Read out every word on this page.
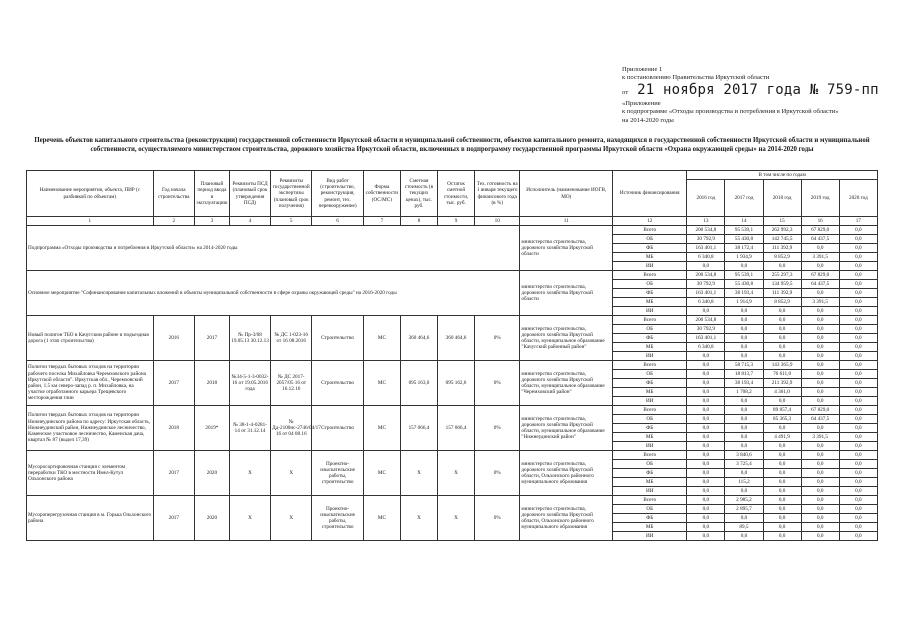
Приложение 1
к постановлению Правительства Иркутской области
от 21 ноября 2017 года № 759-пп
«Приложение
к подпрограмме «Отходы производства и потребления в Иркутской области»
на 2014-2020 годы
Перечень объектов капитального строительства (реконструкции) государственной собственности Иркутской области и муниципальной собственности, объектов капитального ремонта, находящихся в государственной собственности Иркутской области и муниципальной собственности, осуществляемого министерством строительства, дорожного хозяйства Иркутской области, включенных в подпрограмму государственной программы Иркутской области «Охрана окружающей среды» на 2014-2020 годы
Наименование мероприятия, объекта, ПИР (с разбивкой по объектам)	Год начала строительства	Плановый период ввода в эксплуатацию	Реквизиты ПСД (плановый срок утверждения ПСД)	Реквизиты государственной экспертизы (плановый срок получения)	Вид работ (строительство, реконструкция, ремонт, тех. перевооружение)	Форма собственности (ОС/МС)	Сметная стоимость (в текущих ценах), тыс. руб.	Остаток сметной стоимости, тыс. руб.	Тех. готовность на 1 января текущего финансового года (в %)	Исполнитель (наименование ИОГВ, МО)	Источник финансирования	В том числе по годам				
												2016 год	2017 год	2018 год	2019 год	2020 год
1	2	3	4	5	6	7	8	9	10	11	12	13	14	15	16	17
Подпрограмма «Отходы производства и потребления в Иркутской области» на 2014-2020 годы										министерство строительства, дорожного хозяйства Иркутской области	Всего	200 534,8	95 539,1	262 992,3	67 829,0	0,0
											ОБ	30 792,9	55 430,8	142 745,5	64 437,5	0,0
											ФБ	163 401,1	38 172,4	111 392,9	0,0	0,0
											МБ	6 340,8	1 934,9	8 852,9	3 391,5	0,0
											ИИ	0,0	0,0	0,0	0,0	0,0
Основное мероприятие "Софинансирование капитальных вложений в объекты муниципальной собственности в сфере охраны окружающей среды" на 2016-2020 годы										министерство строительства, дорожного хозяйства Иркутской области	Всего	200 534,8	95 539,1	255 297,3	67 829,0	0,0
											ОБ	30 792,9	55 430,8	134 959,5	64 437,5	0,0
											ФБ	163 401,1	38 193,4	111 392,9	0,0	0,0
											МБ	6 340,8	1 914,9	8 852,9	3 391,5	0,0
											ИИ	0,0	0,0	0,0	0,0	0,0
Новый полигон ТБО в Качугском районе и подъездная дорога (1 этап строительства)	2016	2017	№ Пр-3/08 19.05.13 30.12.13	№ ДС 1-023-16 от 16 08.2016	Строительство	МС	360 464,6	360 464,6	0%	министерство строительства, дорожного хозяйства Иркутской области, муниципальное образование "Качугский районный район"	Всего	200 534,8	0,0	0,0	0,0	0,0
											ОБ	30 792,9	0,0	0,0	0,0	0,0
											ФБ	163 401,1	0,0	0,0	0,0	0,0
											МБ	6 340,8	0,0	0,0	0,0	0,0
											ИИ	0,0	0,0	0,0	0,0	0,0
Полигон твердых бытовых отходов на территории рабочего поселка Михайловка Черемховского района Иркутской области". Иркутская обл., Черемховский район, 1.5 км северо-запад р. п. Михайловка, на участке отработанного карьера Трещевского месторождения глин	2017	2018	№34-5-1-3-0032-16 от 19.05.2016 года	№ ДС 2017-2057/05 16 от 16.12.16	Строительство	МС	095 163,0	095 162,6	0%	министерство строительства, дорожного хозяйства Иркутской области, муниципальное образование "Черемховский район"	Всего	0,0	58 715,3	143 365,9	0,0	0,0
											ОБ	0,0	18 813,7	76 611,0	0,0	0,0
											ФБ	0,0	38 193,4	211 392,9	0,0	0,0
											МБ	0,0	1 708,2	4 361,0	0,0	0,0
											ИИ	0,0	0,0	0,0	0,0	0,0
Полигон твердых бытовых отходов на территории Нижнеудинского района по адресу: Иркутская область, Нижнеудинский район, Нижнеудинское лесничество, Каменское участковое лесничество, Каменская дача, квартал № 87 (выдел 17,39)	2018	2019*	№ 38-1-4-0281-14 от 31.12.14	№ Дд-2100нс-2746/04/17 16 от 04 08.16	Строительство	МС	157 066,4	157 066,4	0%	министерство строительства, дорожного хозяйства Иркутской области, муниципальное образование "Нижнеудинский район"	Всего	0,0	0,0	89 857,4	67 829,0	0,0
											ОБ	0,0	0,0	85 365,3	64 437,5	0,0
											ФБ	0,0	0,0	0,0	0,0	0,0
											МБ	0,0	0,0	4 491,9	3 391,5	0,0
											ИИ	0,0	0,0	0,0	0,0	0,0
Мусоросортировочная станция с элементом переработки ТКО в местности Имел-Кутул Ольхонского района	2017	2020	Х	Х	Проектно-изыскательские работы, строительство	МС	Х	Х	0%	министерство строительства, дорожного хозяйства Иркутской области, Ольхонского районного муниципального образования	Всего	0,0	3 840,6	0,0	0,0	0,0
											ОБ	0,0	3 725,4	0,0	0,0	0,0
											ФБ	0,0	0,0	0,0	0,0	0,0
											МБ	0,0	115,2	0,0	0,0	0,0
											ИИ	0,0	0,0	0,0	0,0	0,0
Мусороперегрузочная станция в м. Горька Ольхонского района	2017	2020	Х	Х	Проектно-изыскательские работы, строительство	МС	Х	Х	0%	министерство строительства, дорожного хозяйства Иркутской области, Ольхонского районного муниципального образования	Всего	0,0	2 985,2	0,0	0,0	0,0
											ОБ	0,0	2 895,7	0,0	0,0	0,0
											ФБ	0,0	0,0	0,0	0,0	0,0
											МБ	0,0	89,5	0,0	0,0	0,0
											ИИ	0,0	0,0	0,0	0,0	0,0
